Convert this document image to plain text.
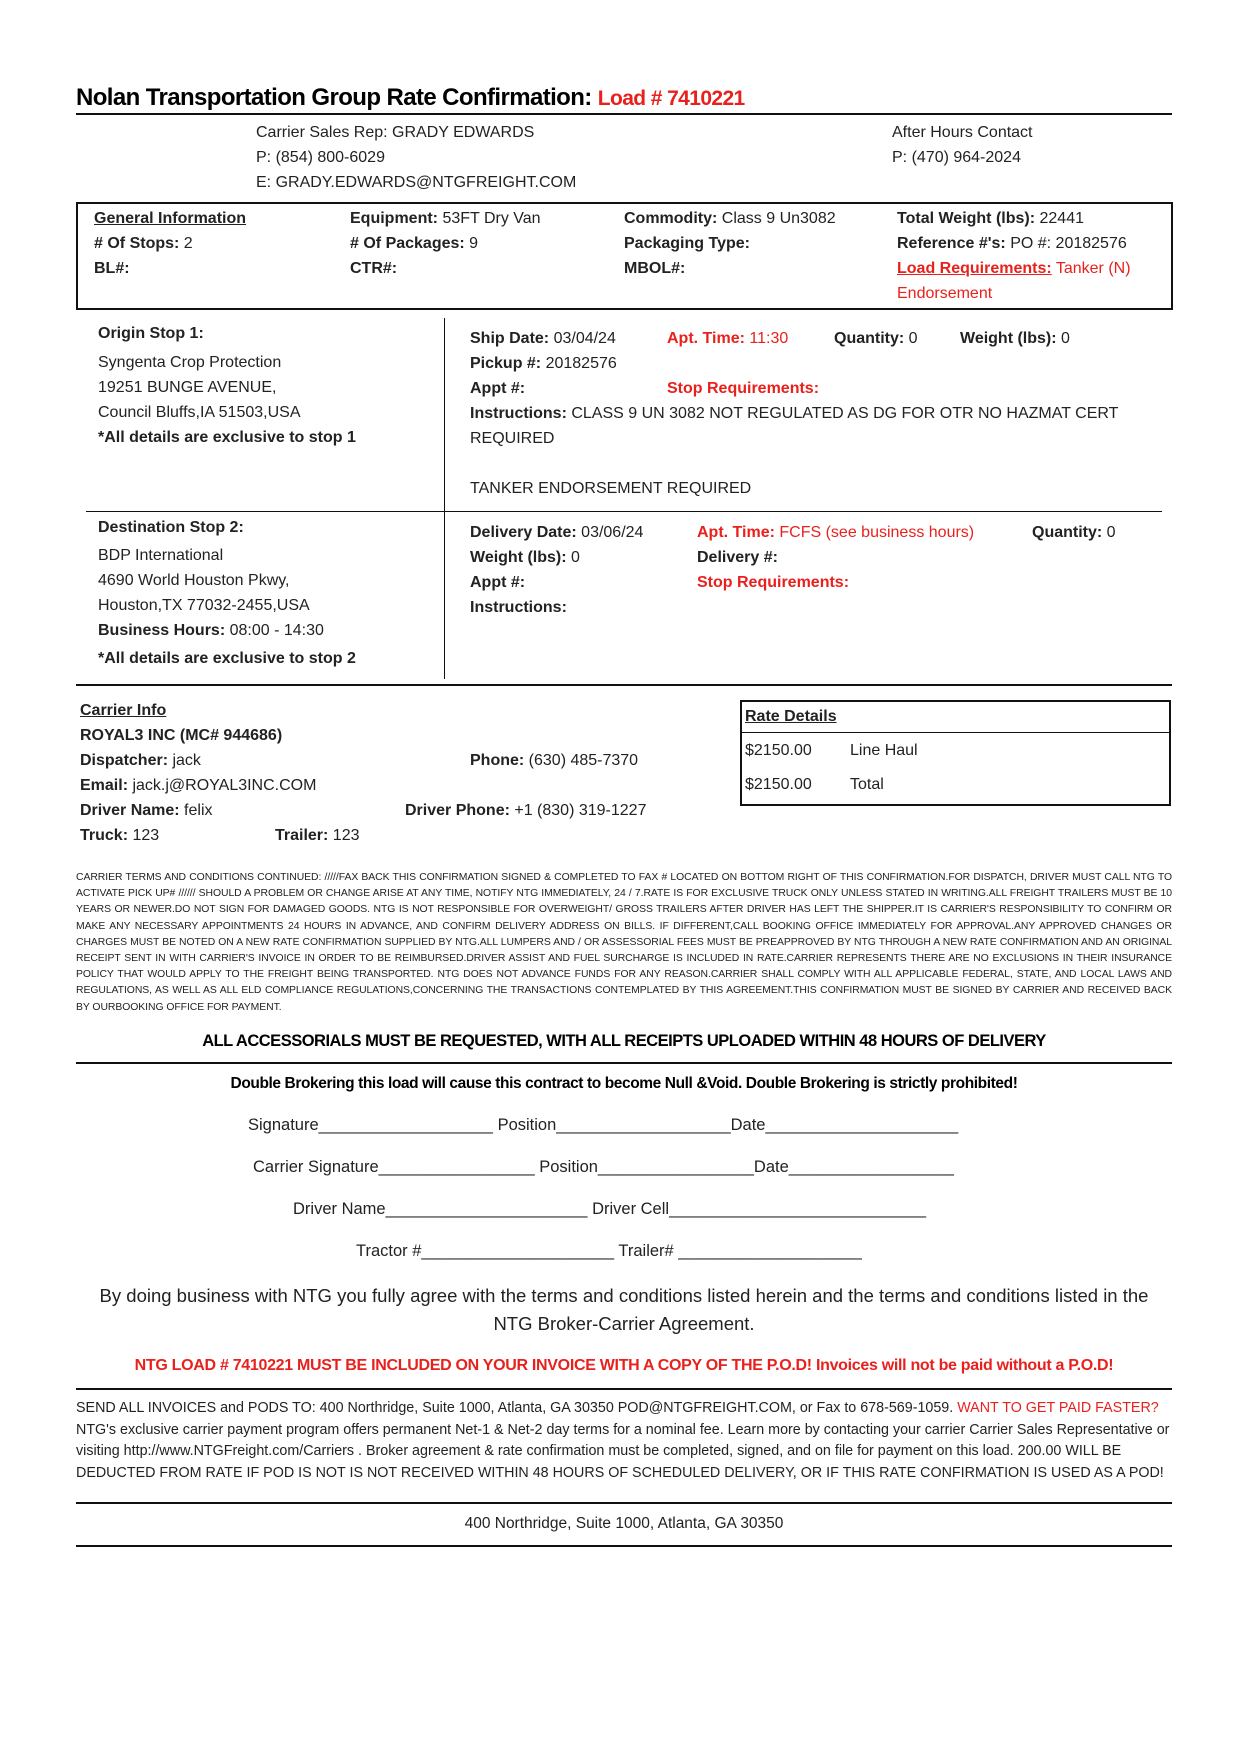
Nolan Transportation Group Rate Confirmation: Load # 7410221
Carrier Sales Rep: GRADY EDWARDS
P: (854) 800-6029
E: GRADY.EDWARDS@NTGFREIGHT.COM
After Hours Contact
P: (470) 964-2024
General Information
# Of Stops: 2
BL#:
Equipment: 53FT Dry Van
# Of Packages: 9
CTR#:
Commodity: Class 9 Un3082
Packaging Type:
MBOL#:
Total Weight (lbs): 22441
Reference #'s: PO #: 20182576
Load Requirements: Tanker (N)
Endorsement
Origin Stop 1:
Syngenta Crop Protection
19251 BUNGE AVENUE,
Council Bluffs,IA 51503,USA
*All details are exclusive to stop 1
Ship Date: 03/04/24	Apt. Time: 11:30	Quantity: 0	Weight (lbs): 0
Pickup #: 20182576
Appt #:	Stop Requirements:
Instructions: CLASS 9 UN 3082 NOT REGULATED AS DG FOR OTR NO HAZMAT CERT
REQUIRED
TANKER ENDORSEMENT REQUIRED
Destination Stop 2:
BDP International
4690 World Houston Pkwy,
Houston,TX 77032-2455,USA
Business Hours: 08:00 - 14:30
*All details are exclusive to stop 2
Delivery Date: 03/06/24	Apt. Time: FCFS (see business hours)	Quantity: 0
Weight (lbs): 0	Delivery #:
Appt #:	Stop Requirements:
Instructions:
Carrier Info
ROYAL3 INC (MC# 944686)
Dispatcher: jack	Phone: (630) 485-7370
Email: jack.j@ROYAL3INC.COM
Driver Name: felix	Driver Phone: +1 (830) 319-1227
Truck: 123	Trailer: 123
Rate Details
$2150.00 Line Haul
$2150.00 Total
CARRIER TERMS AND CONDITIONS CONTINUED: /////FAX BACK THIS CONFIRMATION SIGNED & COMPLETED TO FAX # LOCATED ON BOTTOM RIGHT OF THIS CONFIRMATION.FOR DISPATCH, DRIVER MUST CALL NTG TO ACTIVATE PICK UP# ////// SHOULD A PROBLEM OR CHANGE ARISE AT ANY TIME, NOTIFY NTG IMMEDIATELY, 24 / 7.RATE IS FOR EXCLUSIVE TRUCK ONLY UNLESS STATED IN WRITING.ALL FREIGHT TRAILERS MUST BE 10 YEARS OR NEWER.DO NOT SIGN FOR DAMAGED GOODS. NTG IS NOT RESPONSIBLE FOR OVERWEIGHT/ GROSS TRAILERS AFTER DRIVER HAS LEFT THE SHIPPER.IT IS CARRIER'S RESPONSIBILITY TO CONFIRM OR MAKE ANY NECESSARY APPOINTMENTS 24 HOURS IN ADVANCE, AND CONFIRM DELIVERY ADDRESS ON BILLS. IF DIFFERENT,CALL BOOKING OFFICE IMMEDIATELY FOR APPROVAL.ANY APPROVED CHANGES OR CHARGES MUST BE NOTED ON A NEW RATE CONFIRMATION SUPPLIED BY NTG.ALL LUMPERS AND / OR ASSESSORIAL FEES MUST BE PREAPPROVED BY NTG THROUGH A NEW RATE CONFIRMATION AND AN ORIGINAL RECEIPT SENT IN WITH CARRIER'S INVOICE IN ORDER TO BE REIMBURSED.DRIVER ASSIST AND FUEL SURCHARGE IS INCLUDED IN RATE.CARRIER REPRESENTS THERE ARE NO EXCLUSIONS IN THEIR INSURANCE POLICY THAT WOULD APPLY TO THE FREIGHT BEING TRANSPORTED. NTG DOES NOT ADVANCE FUNDS FOR ANY REASON.CARRIER SHALL COMPLY WITH ALL APPLICABLE FEDERAL, STATE, AND LOCAL LAWS AND REGULATIONS, AS WELL AS ALL ELD COMPLIANCE REGULATIONS,CONCERNING THE TRANSACTIONS CONTEMPLATED BY THIS AGREEMENT.THIS CONFIRMATION MUST BE SIGNED BY CARRIER AND RECEIVED BACK BY OURBOOKING OFFICE FOR PAYMENT.
ALL ACCESSORIALS MUST BE REQUESTED, WITH ALL RECEIPTS UPLOADED WITHIN 48 HOURS OF DELIVERY
Double Brokering this load will cause this contract to become Null &Void. Double Brokering is strictly prohibited!
Signature___________________ Position___________________Date_____________________
Carrier Signature_________________ Position_________________Date__________________
Driver Name______________________ Driver Cell____________________________
Tractor #_____________________ Trailer# ____________________
By doing business with NTG you fully agree with the terms and conditions listed herein and the terms and conditions listed in the NTG Broker-Carrier Agreement.
NTG LOAD # 7410221 MUST BE INCLUDED ON YOUR INVOICE WITH A COPY OF THE P.O.D! Invoices will not be paid without a P.O.D!
SEND ALL INVOICES and PODS TO: 400 Northridge, Suite 1000, Atlanta, GA 30350 POD@NTGFREIGHT.COM, or Fax to 678-569-1059. WANT TO GET PAID FASTER? NTG's exclusive carrier payment program offers permanent Net-1 & Net-2 day terms for a nominal fee. Learn more by contacting your carrier Carrier Sales Representative or visiting http://www.NTGFreight.com/Carriers . Broker agreement & rate confirmation must be completed, signed, and on file for payment on this load. 200.00 WILL BE DEDUCTED FROM RATE IF POD IS NOT IS NOT RECEIVED WITHIN 48 HOURS OF SCHEDULED DELIVERY, OR IF THIS RATE CONFIRMATION IS USED AS A POD!
400 Northridge, Suite 1000, Atlanta, GA 30350
